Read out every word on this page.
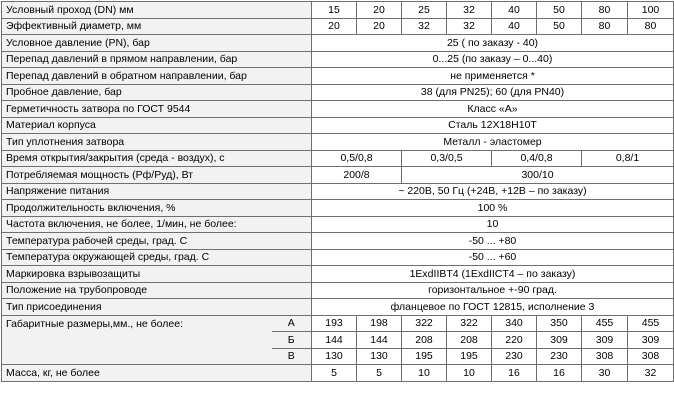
Условный проход (DN) мм		15	20	25	32	40	50	80	100
Эффективный диаметр, мм		20	20	32	32	40	50	80	80
Условное давление (PN), бар		25 ( по заказу - 40)							
Перепад давлений в прямом направлении, бар		0...25 (по заказу – 0...40)							
Перепад давлений в обратном направлении, бар		не применяется *							
Пробное давление, бар		38 (для PN25); 60 (для PN40)							
Герметичность затвора по ГОСТ 9544		Класс «А»							
Материал корпуса		Сталь 12Х18Н10Т							
Тип уплотнения затвора		Металл - эластомер							
Время открытия/закрытия (среда - воздух), с		0,5/0,8		0,3/0,5		0,4/0,8		0,8/1	
Потребляемая мощность (Рф/Руд), Вт		200/8		300/10					
Напряжение питания		~ 220В, 50 Гц (+24В, +12В – по заказу)							
Продолжительность включения, %		100 %							
Частота включения, не более, 1/мин, не более:		10							
Температура рабочей среды, град. С		-50 ... +80							
Температура окружающей среды, град. С		-50 ... +60							
Маркировка взрывозащиты		1ExdIIBT4 (1ExdIICT4 – по заказу)							
Положение на трубопроводе		горизонтальное +-90 град.							
Тип присоединения		фланцевое по ГОСТ 12815, исполнение 3							
Габаритные размеры,мм., не более:	А	193	198	322	322	340	350	455	455
	Б	144	144	208	208	220	309	309	309
	В	130	130	195	195	230	230	308	308
Масса, кг, не более		5	5	10	10	16	16	30	32
